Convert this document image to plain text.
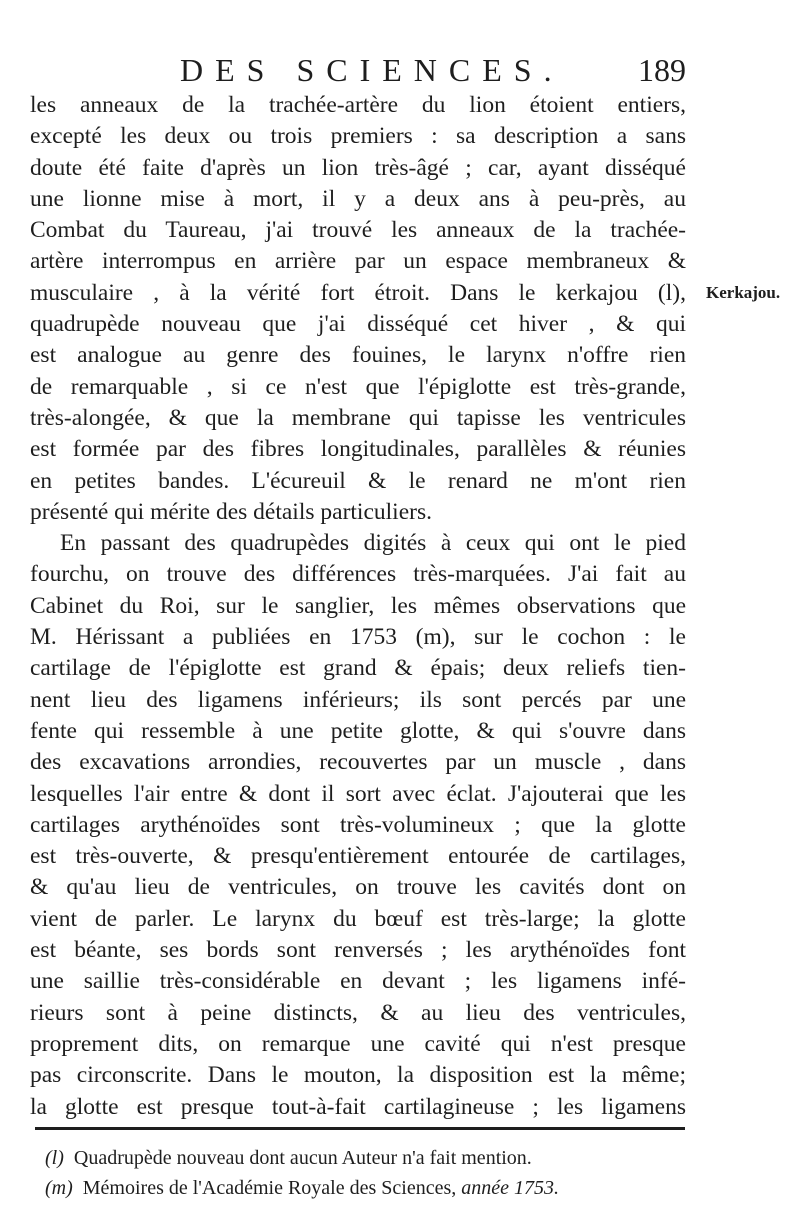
DES SCIENCES. 189
les anneaux de la trachée-artère du lion étoient entiers,
excepté les deux ou trois premiers : sa description a sans
doute été faite d'après un lion très-âgé ; car, ayant disséqué
une lionne mise à mort, il y a deux ans à peu-près, au
Combat du Taureau, j'ai trouvé les anneaux de la trachée-
artère interrompus en arrière par un espace membraneux &
musculaire , à la vérité fort étroit. Dans le kerkajou (l),
quadrupède nouveau que j'ai disséqué cet hiver , & qui
est analogue au genre des fouines, le larynx n'offre rien
de remarquable , si ce n'est que l'épiglotte est très-grande,
très-alongée, & que la membrane qui tapisse les ventricules
est formée par des fibres longitudinales, parallèles & réunies
en petites bandes. L'écureuil & le renard ne m'ont rien
présenté qui mérite des détails particuliers.
En passant des quadrupèdes digités à ceux qui ont le pied
fourchu, on trouve des différences très-marquées. J'ai fait au
Cabinet du Roi, sur le sanglier, les mêmes observations que
M. Hérissant a publiées en 1753 (m), sur le cochon : le
cartilage de l'épiglotte est grand & épais; deux reliefs tien-
nent lieu des ligamens inférieurs; ils sont percés par une
fente qui ressemble à une petite glotte, & qui s'ouvre dans
des excavations arrondies, recouvertes par un muscle , dans
lesquelles l'air entre & dont il sort avec éclat. J'ajouterai que les
cartilages arythénoïdes sont très-volumineux ; que la glotte
est très-ouverte, & presqu'entièrement entourée de cartilages,
& qu'au lieu de ventricules, on trouve les cavités dont on
vient de parler. Le larynx du bœuf est très-large; la glotte
est béante, ses bords sont renversés ; les arythénoïdes font
une saillie très-considérable en devant ; les ligamens infé-
rieurs sont à peine distincts, & au lieu des ventricules,
proprement dits, on remarque une cavité qui n'est presque
pas circonscrite. Dans le mouton, la disposition est la même;
la glotte est presque tout-à-fait cartilagineuse ; les ligamens
Kerkajou.
(l) Quadrupède nouveau dont aucun Auteur n'a fait mention.
(m) Mémoires de l'Académie Royale des Sciences, année 1753.
